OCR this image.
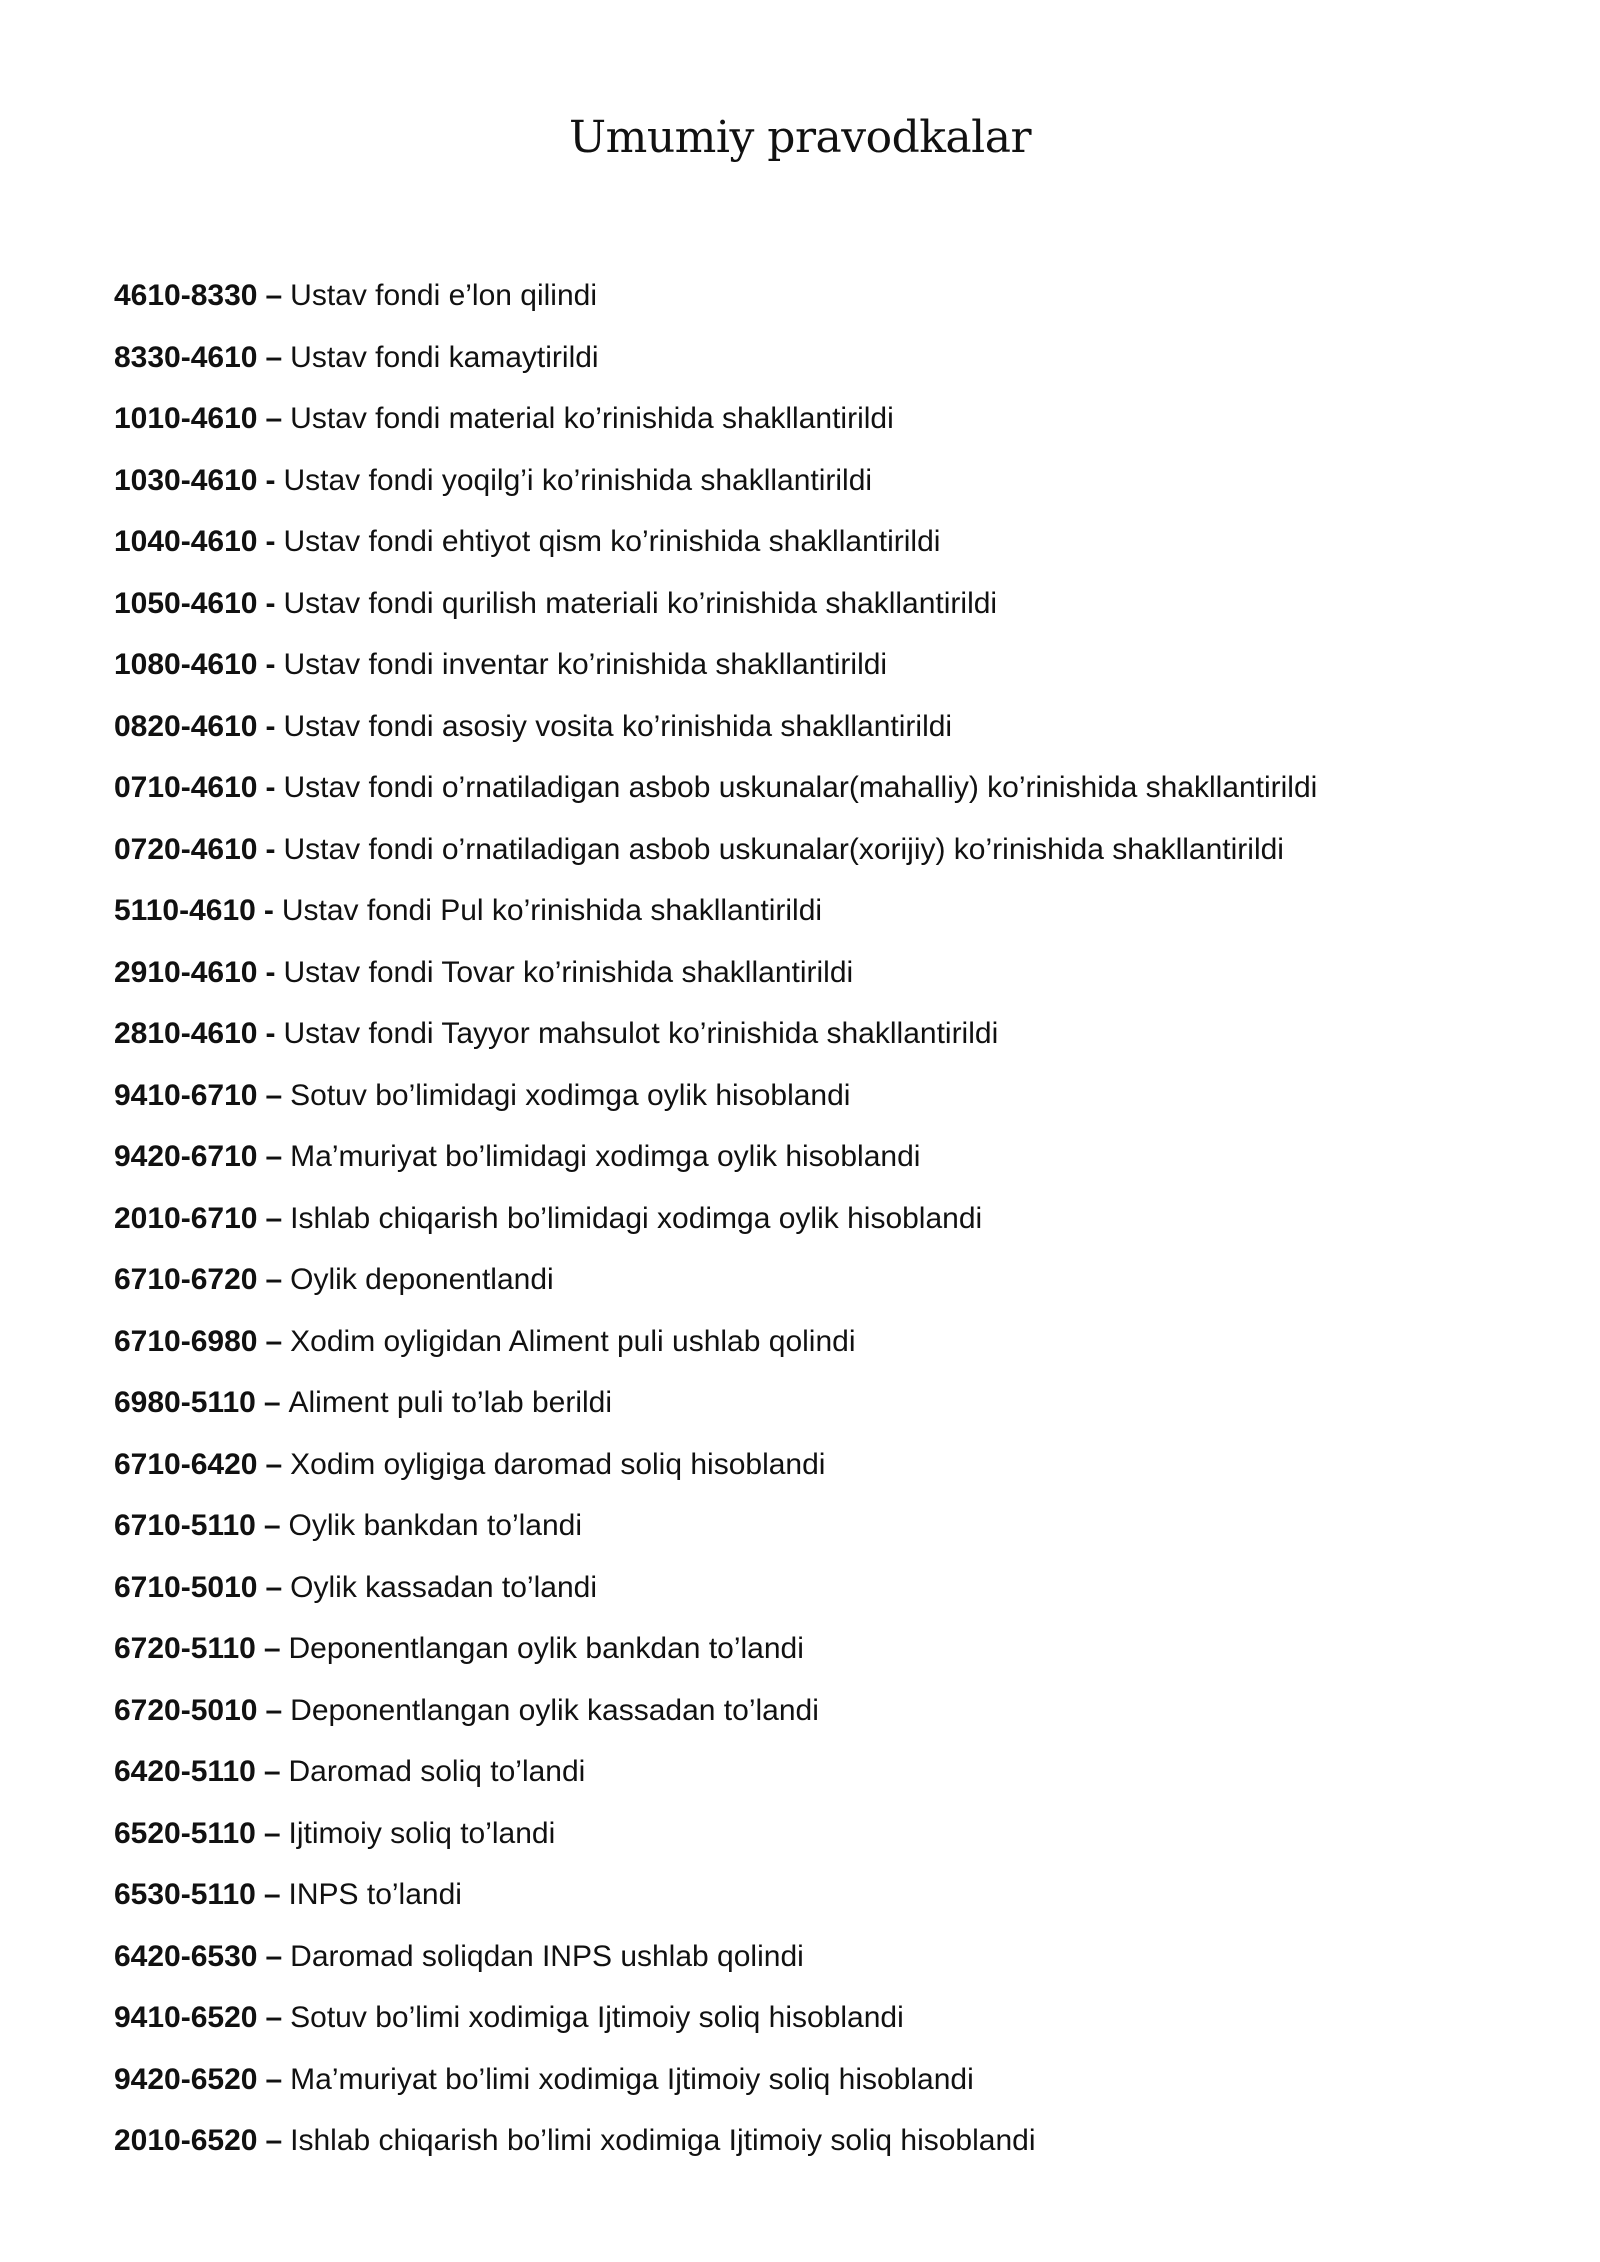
Umumiy pravodkalar
4610-8330 – Ustav fondi e’lon qilindi
8330-4610 – Ustav fondi kamaytirildi
1010-4610 – Ustav fondi material ko’rinishida shakllantirildi
1030-4610 - Ustav fondi yoqilg’i ko’rinishida shakllantirildi
1040-4610 - Ustav fondi ehtiyot qism ko’rinishida shakllantirildi
1050-4610 - Ustav fondi qurilish materiali ko’rinishida shakllantirildi
1080-4610 - Ustav fondi inventar ko’rinishida shakllantirildi
0820-4610 - Ustav fondi asosiy vosita ko’rinishida shakllantirildi
0710-4610 - Ustav fondi o’rnatiladigan asbob uskunalar(mahalliy) ko’rinishida shakllantirildi
0720-4610 - Ustav fondi o’rnatiladigan asbob uskunalar(xorijiy) ko’rinishida shakllantirildi
5110-4610 - Ustav fondi Pul ko’rinishida shakllantirildi
2910-4610 - Ustav fondi Tovar ko’rinishida shakllantirildi
2810-4610 - Ustav fondi Tayyor mahsulot ko’rinishida shakllantirildi
9410-6710 – Sotuv bo’limidagi xodimga oylik hisoblandi
9420-6710 – Ma’muriyat bo’limidagi xodimga oylik hisoblandi
2010-6710 – Ishlab chiqarish bo’limidagi xodimga oylik hisoblandi
6710-6720 – Oylik deponentlandi
6710-6980 – Xodim oyligidan Aliment puli ushlab qolindi
6980-5110 – Aliment puli to’lab berildi
6710-6420 – Xodim oyligiga daromad soliq hisoblandi
6710-5110 – Oylik bankdan to’landi
6710-5010 – Oylik kassadan to’landi
6720-5110 – Deponentlangan oylik bankdan to’landi
6720-5010 – Deponentlangan oylik kassadan to’landi
6420-5110 – Daromad soliq to’landi
6520-5110 – Ijtimoiy soliq to’landi
6530-5110 – INPS to’landi
6420-6530 – Daromad soliqdan INPS ushlab qolindi
9410-6520 – Sotuv bo’limi xodimiga Ijtimoiy soliq hisoblandi
9420-6520 – Ma’muriyat bo’limi xodimiga Ijtimoiy soliq hisoblandi
2010-6520 – Ishlab chiqarish bo’limi xodimiga Ijtimoiy soliq hisoblandi
